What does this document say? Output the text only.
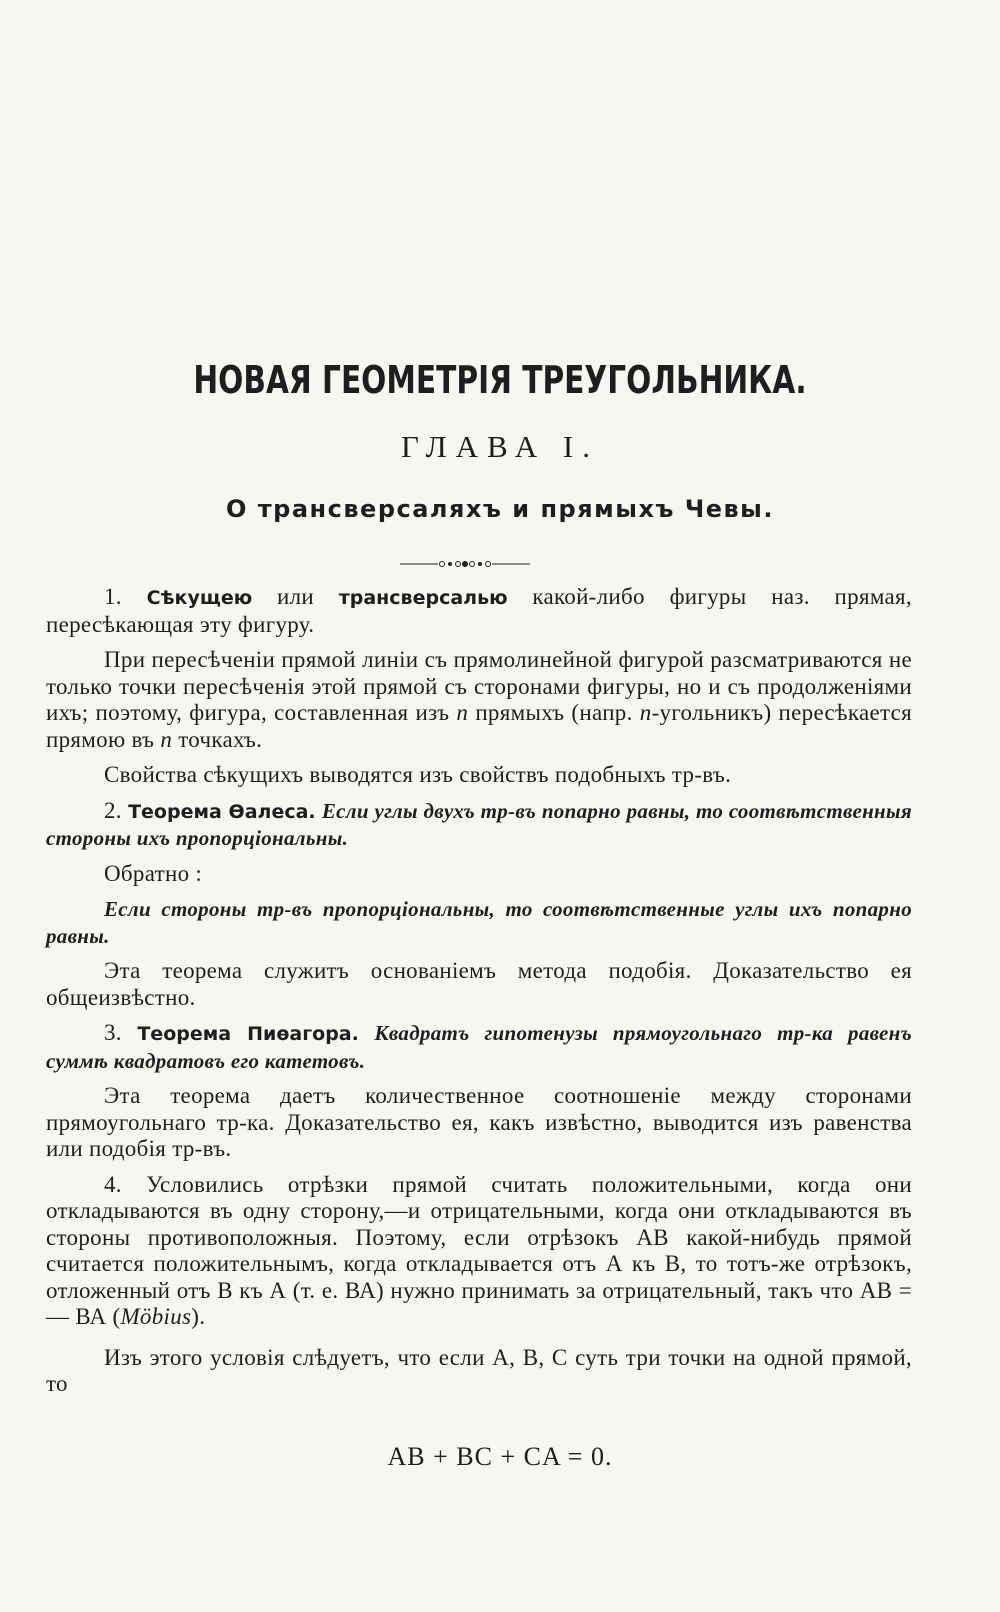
НОВАЯ ГЕОМЕТРІЯ ТРЕУГОЛЬНИКА.
ГЛАВА I.
О трансверсаляхъ и прямыхъ Чевы.

1. Сѣкущею или трансверсалью какой-либо фигуры наз. прямая, пересѣкающая эту фигуру.

При пересѣченіи прямой линіи съ прямолинейной фигурой разсматриваются не только точки пересѣченія этой прямой съ сторонами фигуры, но и съ продолженіями ихъ; поэтому, фигура, составленная изъ n прямыхъ (напр. n-угольникъ) пересѣкается прямою въ n точкахъ.

Свойства сѣкущихъ выводятся изъ свойствъ подобныхъ тр-въ.

2. Теорема Ѳалеса. Если углы двухъ тр-въ попарно равны, то соотвѣтственныя стороны ихъ пропорціональны.

Обратно :

Если стороны тр-въ пропорціональны, то соотвѣтственные углы ихъ попарно равны.

Эта теорема служитъ основаніемъ метода подобія. Доказательство ея общеизвѣстно.

3. Теорема Пиѳагора. Квадратъ гипотенузы прямоугольнаго тр-ка равенъ суммѣ квадратовъ его катетовъ.

Эта теорема даетъ количественное соотношеніе между сторонами прямоугольнаго тр-ка. Доказательство ея, какъ извѣстно, выводится изъ равенства или подобія тр-въ.

4. Условились отрѣзки прямой считать положительными, когда они откладываются въ одну сторону,—и отрицательными, когда они откладываются въ стороны противоположныя. Поэтому, если отрѣзокъ АВ какой-нибудь прямой считается положительнымъ, когда откладывается отъ А къ В, то тотъ-же отрѣзокъ, отложенный отъ В къ А (т. е. ВА) нужно принимать за отрицательный, такъ что АВ = — ВА (Möbius).

Изъ этого условія слѣдуетъ, что если А, В, С суть три точки на одной прямой, то

AB + BC + CA = 0.
